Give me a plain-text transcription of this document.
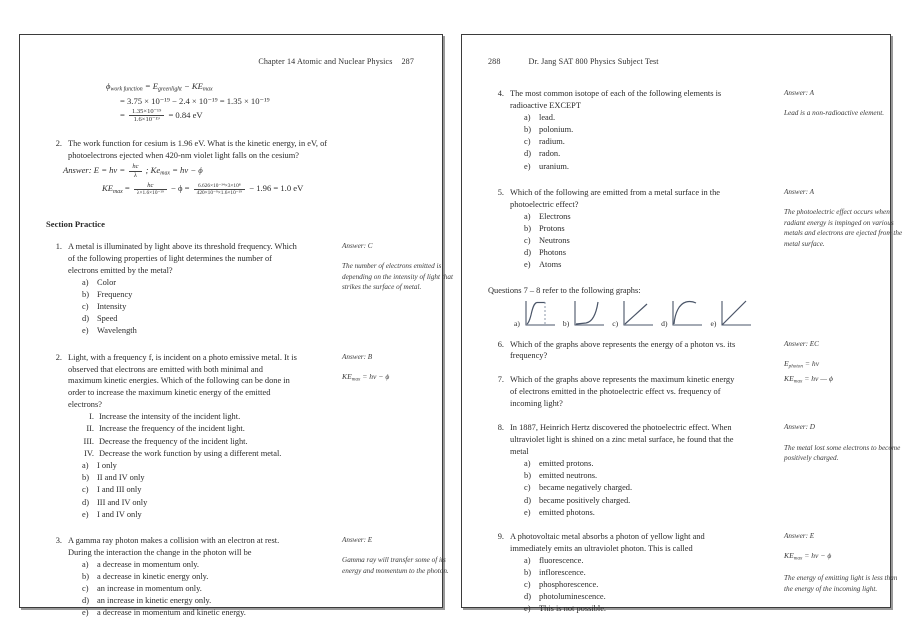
Chapter 14 Atomic and Nuclear Physics 287
$\phi_{work function} = E_{greenlight} - KE_{max}$
= 3.75 × 10⁻¹⁹ − 2.4 × 10⁻¹⁹ = 1.35 × 10⁻¹⁹
= $\frac{\text{1.35×10⁻¹⁹}}{\text{1.6×10⁻¹⁹}} = 0.84$ eV
2. The work function for cesium is 1.96 eV. What is the kinetic energy, in eV, of photoelectrons ejected when 420-nm violet light falls on the cesium?
Answer: E = hv = $\frac{hc}{\lambda}$ ; $Ke_{max}$ = hv − ϕ
$KE_{max} = \frac{hc}{\text{λ×1.6×10⁻¹⁹}} - \phi = \frac{\text{6.626×10⁻³⁴×3×10⁸}}{\text{420×10⁻⁹×1.6×10⁻¹⁹}} - 1.96 = 1.0$ eV
Section Practice
1. A metal is illuminated by light above its threshold frequency. Which of the following properties of light determines the number of electrons emitted by the metal?
a)	Color
b) Frequency
c)	Intensity
d) Speed
e)	Wavelength
Answer: C
The number of electrons emitted is depending on the intensity of light that strikes the surface of metal.
2. Light, with a frequency f, is incident on a photo emissive metal. It is observed that electrons are emitted with both minimal and maximum kinetic energies. Which of the following can be done in order to increase the maximum kinetic energy of the emitted electrons?
I. Increase the intensity of the incident light.
II. Increase the frequency of the incident light.
III. Decrease the frequency of the incident light.
IV. Decrease the work function by using a different metal.
a)	I only
b) II and IV only
c)	I and III only
d) III and IV only
e)	I and IV only
Answer: B
$KE_{max}$ = hv − ϕ
3. A gamma ray photon makes a collision with an electron at rest. During the interaction the change in the photon will be
a)	a decrease in momentum only.
b) a decrease in kinetic energy only.
c)	an increase in momentum only.
d) an increase in kinetic energy only.
e)	a decrease in momentum and kinetic energy.
Answer: E
Gamma ray will transfer some of its energy and momentum to the photon.
288	Dr. Jang SAT 800 Physics Subject Test
4. The most common isotope of each of the following elements is radioactive EXCEPT
a)	lead.
b) polonium.
c)	radium.
d) radon.
e)	uranium.
Answer: A
Lead is a non-radioactive element.
5. Which of the following are emitted from a metal surface in the photoelectric effect?
a)	Electrons
b) Protons
c)	Neutrons
d) Photons
e)	Atoms
Answer: A
The photoelectric effect occurs when radiant energy is impinged on various metals and electrons are ejected from the metal surface.
Questions 7 – 8 refer to the following graphs:
a)	b)	c)	d)	e)
6. Which of the graphs above represents the energy of a photon vs. its frequency?
Answer: EC
$E_{photon}$ = hv
$KE_{max}$ = hv — ϕ
7. Which of the graphs above represents the maximum kinetic energy of electrons emitted in the photoelectric effect vs. frequency of incoming light?
8. In 1887, Heinrich Hertz discovered the photoelectric effect. When ultraviolet light is shined on a zinc metal surface, he found that the metal
a)	emitted protons.
b) emitted neutrons.
c)	became negatively charged.
d) became positively charged.
e)	emitted photons.
Answer: D
The metal lost some electrons to become positively charged.
9. A photovoltaic metal absorbs a photon of yellow light and immediately emits an ultraviolet photon. This is called
a)	fluorescence.
b) inflorescence.
c)	phosphorescence.
d) photoluminescence.
e)	This is not possible.
Answer: E
$KE_{max}$ = hv − ϕ
The energy of emitting light is less than the energy of the incoming light.
